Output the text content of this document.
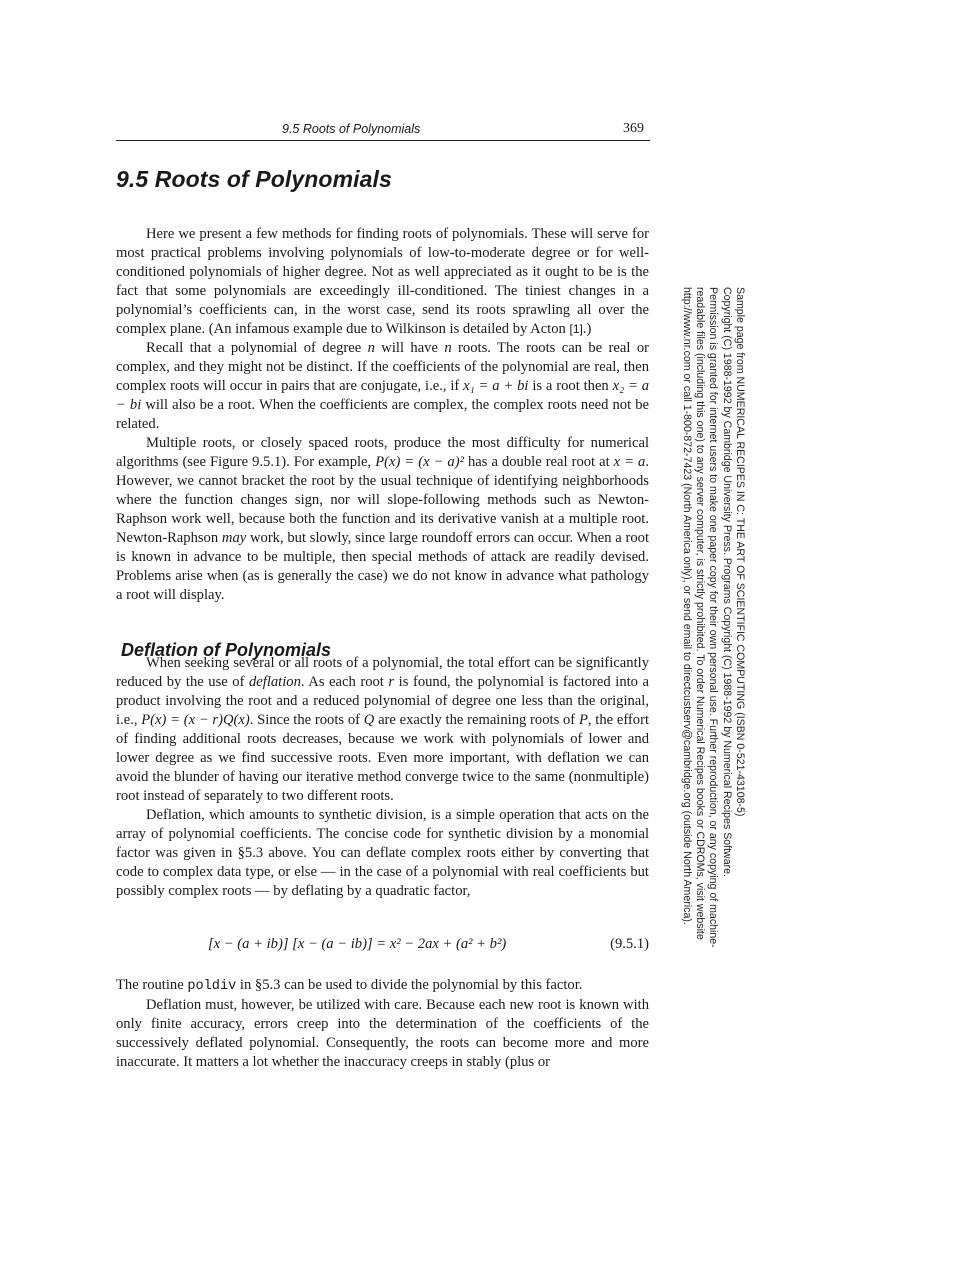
9.5 Roots of Polynomials	369
9.5 Roots of Polynomials

Here we present a few methods for finding roots of polynomials. These will serve for most practical problems involving polynomials of low-to-moderate degree or for well-conditioned polynomials of higher degree. Not as well appreciated as it ought to be is the fact that some polynomials are exceedingly ill-conditioned. The tiniest changes in a polynomial’s coefficients can, in the worst case, send its roots sprawling all over the complex plane. (An infamous example due to Wilkinson is detailed by Acton [1].)

Recall that a polynomial of degree n will have n roots. The roots can be real or complex, and they might not be distinct. If the coefficients of the polynomial are real, then complex roots will occur in pairs that are conjugate, i.e., if x₁ = a + bi is a root then x₂ = a − bi will also be a root. When the coefficients are complex, the complex roots need not be related.

Multiple roots, or closely spaced roots, produce the most difficulty for numerical algorithms (see Figure 9.5.1). For example, P(x) = (x − a)² has a double real root at x = a. However, we cannot bracket the root by the usual technique of identifying neighborhoods where the function changes sign, nor will slope-following methods such as Newton-Raphson work well, because both the function and its derivative vanish at a multiple root. Newton-Raphson may work, but slowly, since large roundoff errors can occur. When a root is known in advance to be multiple, then special methods of attack are readily devised. Problems arise when (as is generally the case) we do not know in advance what pathology a root will display.

Deflation of Polynomials

When seeking several or all roots of a polynomial, the total effort can be significantly reduced by the use of deflation. As each root r is found, the polynomial is factored into a product involving the root and a reduced polynomial of degree one less than the original, i.e., P(x) = (x − r)Q(x). Since the roots of Q are exactly the remaining roots of P, the effort of finding additional roots decreases, because we work with polynomials of lower and lower degree as we find successive roots. Even more important, with deflation we can avoid the blunder of having our iterative method converge twice to the same (nonmultiple) root instead of separately to two different roots.

Deflation, which amounts to synthetic division, is a simple operation that acts on the array of polynomial coefficients. The concise code for synthetic division by a monomial factor was given in §5.3 above. You can deflate complex roots either by converting that code to complex data type, or else — in the case of a polynomial with real coefficients but possibly complex roots — by deflating by a quadratic factor,

[x − (a + ib)] [x − (a − ib)] = x² − 2ax + (a² + b²)	(9.5.1)

The routine poldiv in §5.3 can be used to divide the polynomial by this factor.

Deflation must, however, be utilized with care. Because each new root is known with only finite accuracy, errors creep into the determination of the coefficients of the successively deflated polynomial. Consequently, the roots can become more and more inaccurate. It matters a lot whether the inaccuracy creeps in stably (plus or

Sample page from NUMERICAL RECIPES IN C: THE ART OF SCIENTIFIC COMPUTING (ISBN 0-521-43108-5)
Copyright (C) 1988-1992 by Cambridge University Press. Programs Copyright (C) 1988-1992 by Numerical Recipes Software.
Permission is granted for internet users to make one paper copy for their own personal use. Further reproduction, or any copying of machine-
readable files (including this one) to any server computer, is strictly prohibited. To order Numerical Recipes books or CDROMs, visit website
http://www.nr.com or call 1-800-872-7423 (North America only), or send email to directcustserv@cambridge.org (outside North America).
